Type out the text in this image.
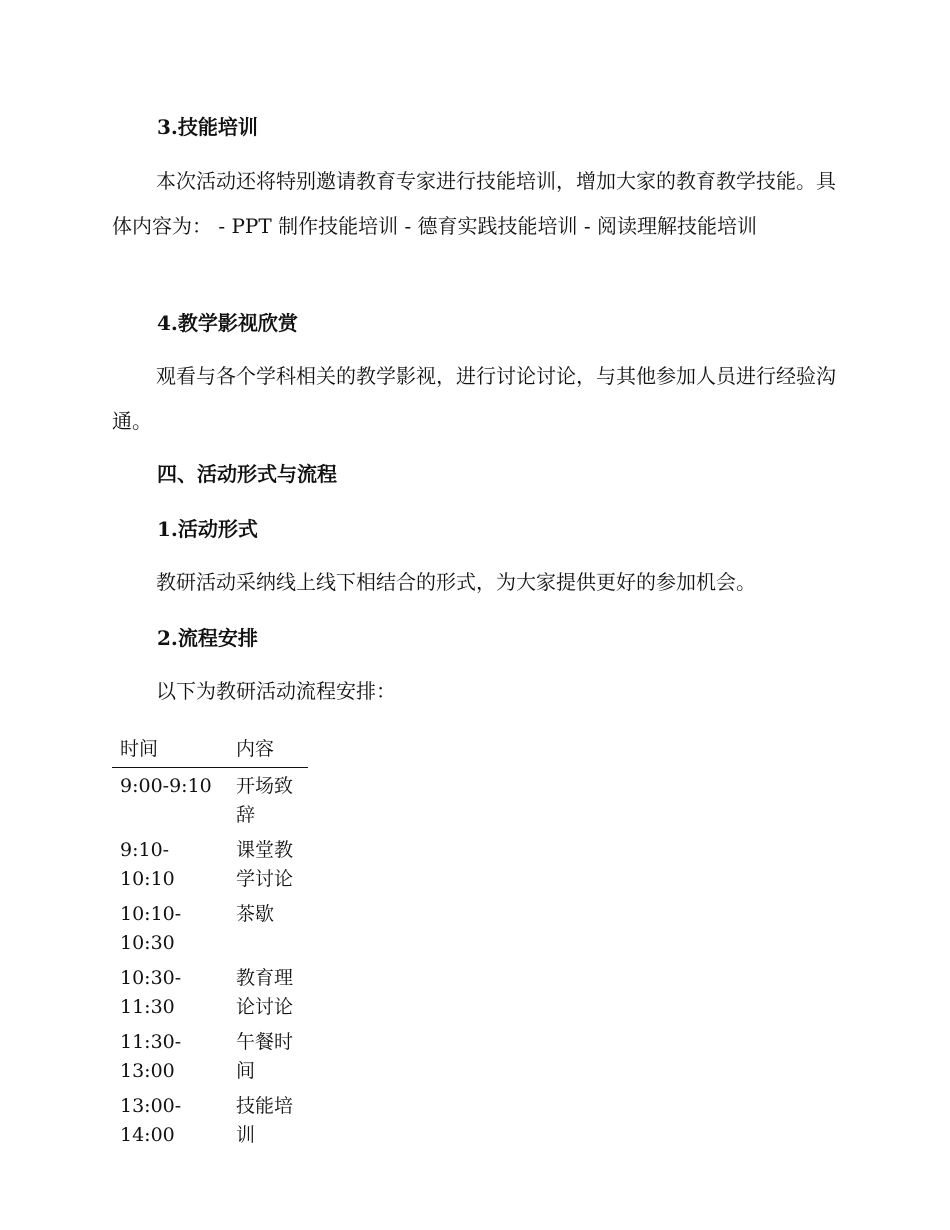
3.技能培训

本次活动还将特别邀请教育专家进行技能培训，增加大家的教育教学技能。具体内容为： - PPT 制作技能培训 - 德育实践技能培训 - 阅读理解技能培训

4.教学影视欣赏

观看与各个学科相关的教学影视，进行讨论讨论，与其他参加人员进行经验沟通。

四、活动形式与流程
1.活动形式

教研活动采纳线上线下相结合的形式，为大家提供更好的参加机会。

2.流程安排

以下为教研活动流程安排：

时间	内容
9:00-9:10	开场致辞
9:10-10:10	课堂教学讨论
10:10-10:30	茶歇
10:30-11:30	教育理论讨论
11:30-13:00	午餐时间
13:00-14:00	技能培训
